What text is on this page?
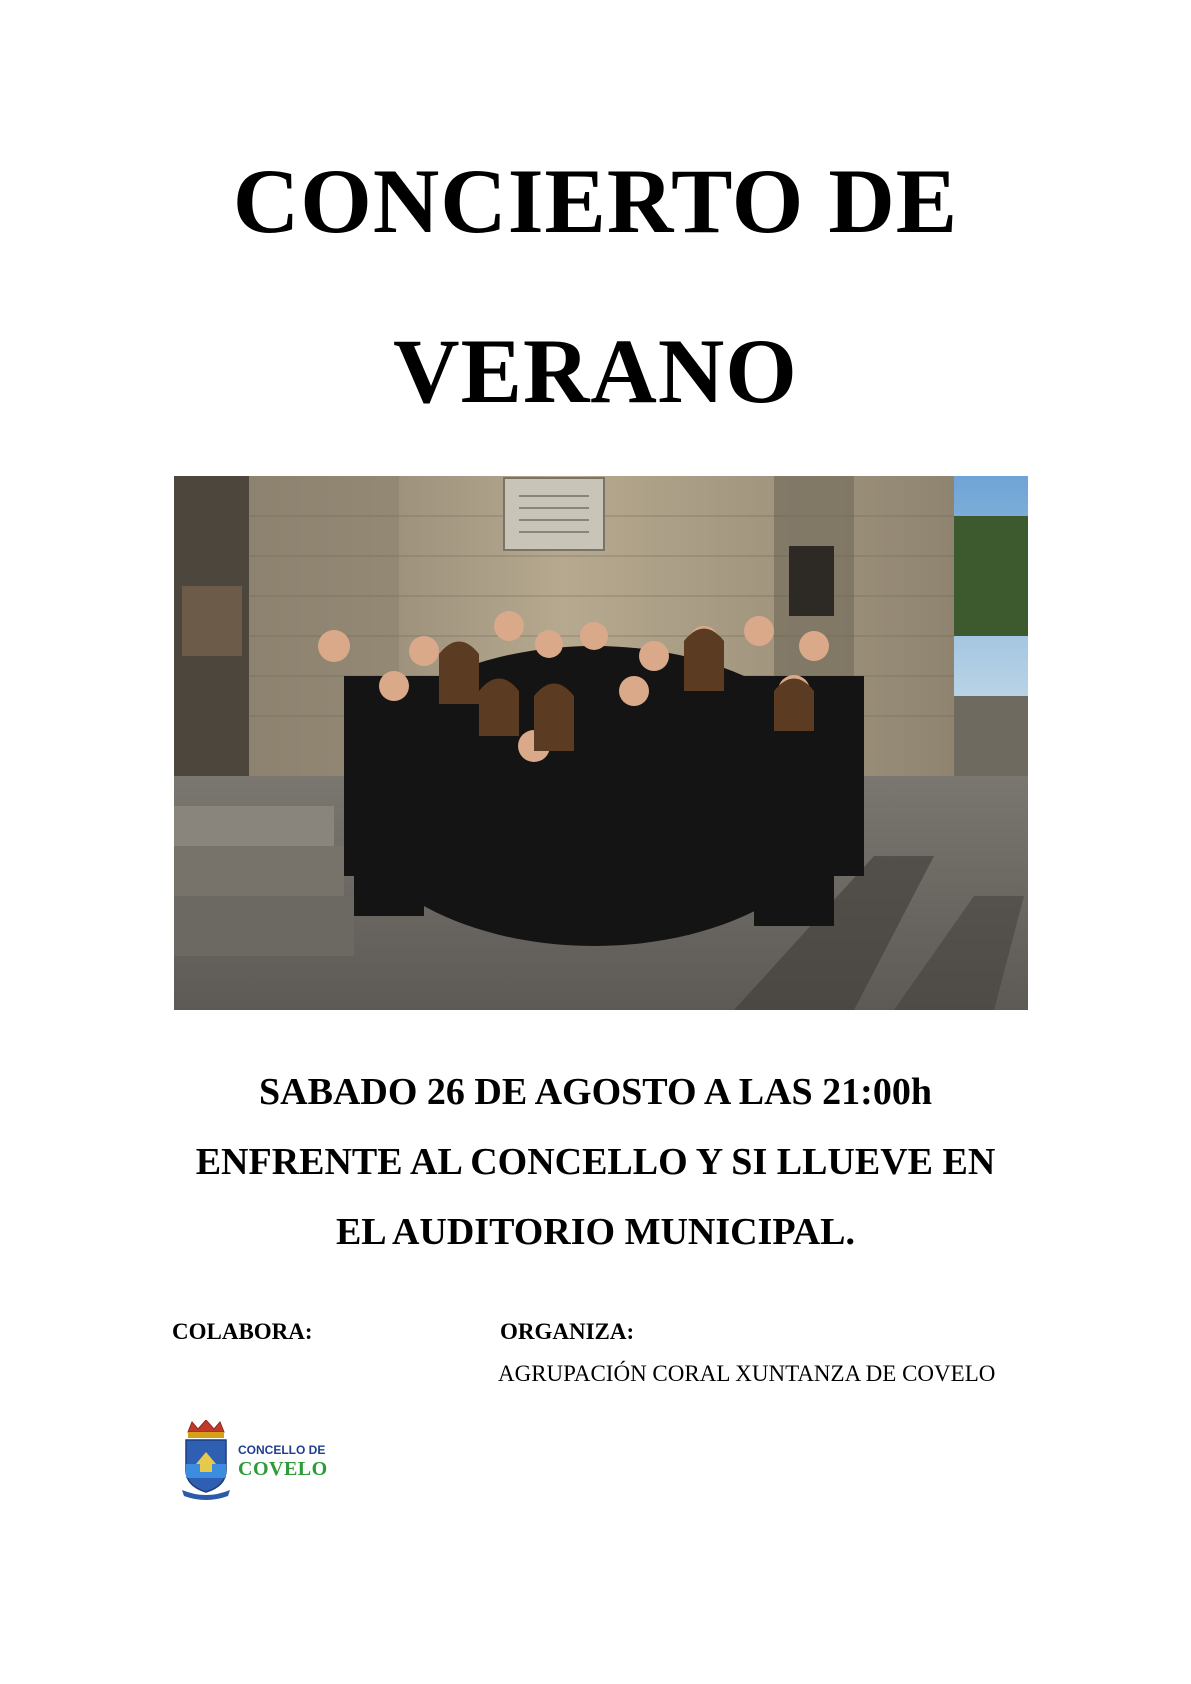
CONCIERTO DE
VERANO
SABADO 26 DE AGOSTO A LAS 21:00h
ENFRENTE AL CONCELLO Y SI LLUEVE EN
EL AUDITORIO MUNICIPAL.
COLABORA:	ORGANIZA:
AGRUPACIÓN CORAL XUNTANZA DE COVELO
CONCELLO DE
COVELO
